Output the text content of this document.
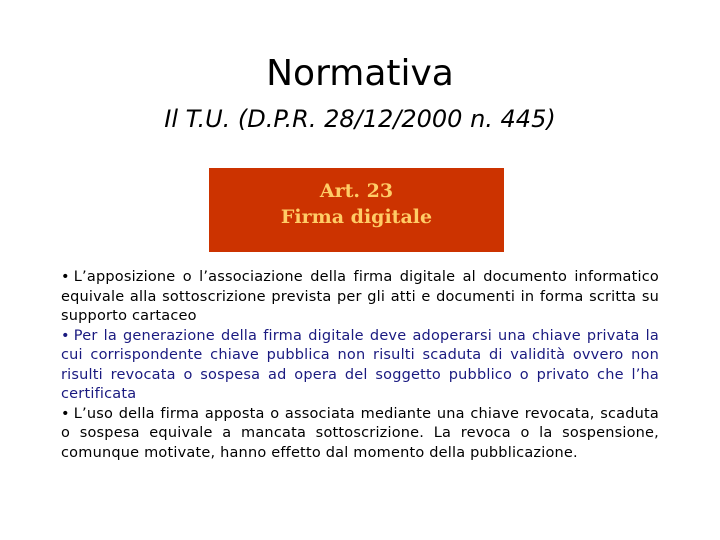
Normativa
Il T.U. (D.P.R. 28/12/2000 n. 445)
Art. 23
Firma digitale

• L’apposizione o l’associazione della firma digitale al documento informatico equivale alla sottoscrizione prevista per gli atti e documenti in forma scritta su supporto cartaceo

• Per la generazione della firma digitale deve adoperarsi una chiave privata la cui corrispondente chiave pubblica non risulti scaduta di validità ovvero non risulti revocata o sospesa ad opera del soggetto pubblico o privato che l’ha certificata

• L’uso della firma apposta o associata mediante una chiave revocata, scaduta o sospesa equivale a mancata sottoscrizione. La revoca o la sospensione, comunque motivate, hanno effetto dal momento della pubblicazione.
